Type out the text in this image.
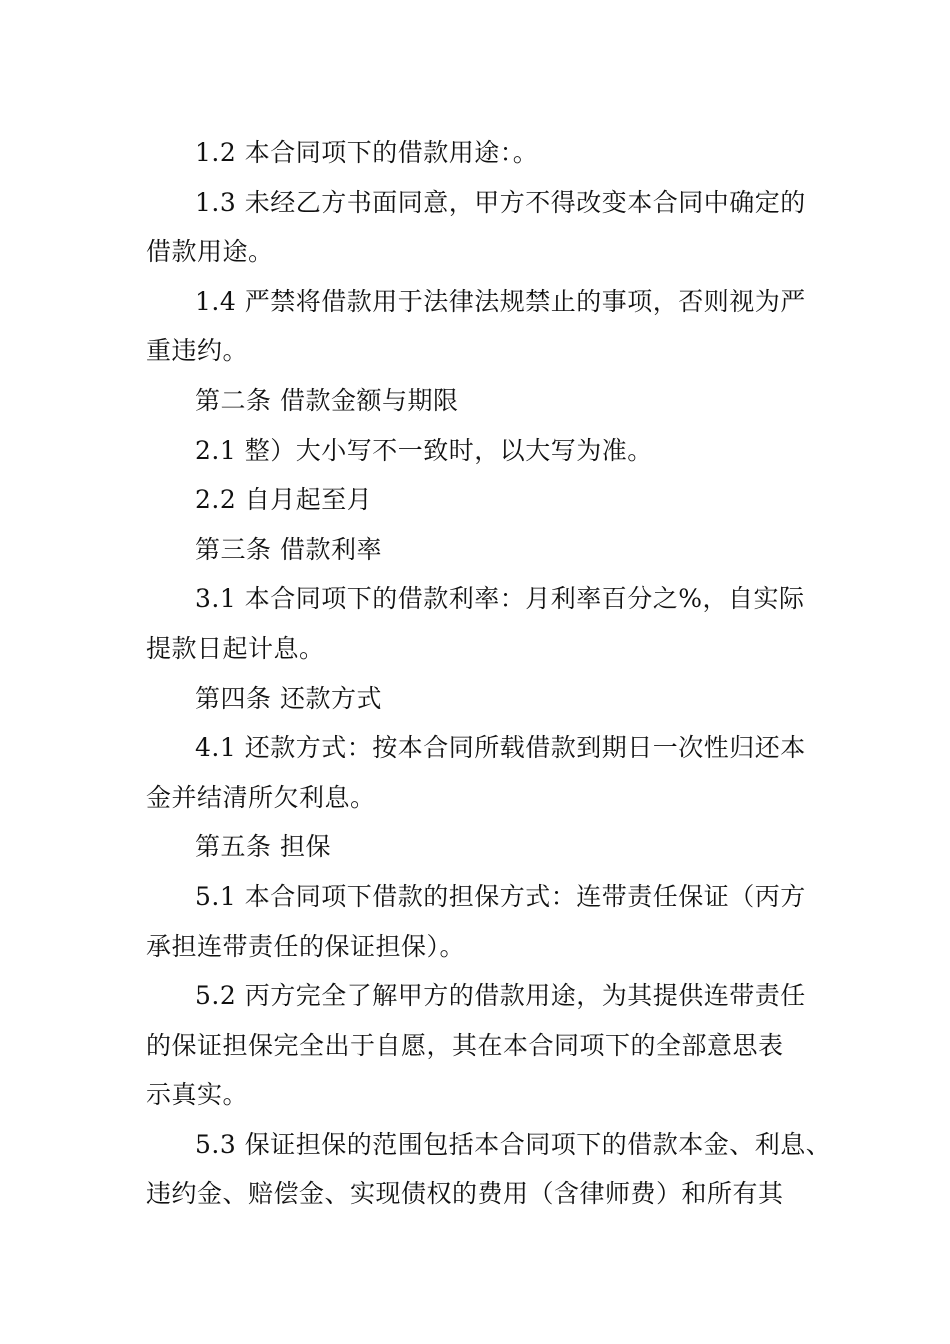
1.2 本合同项下的借款用途：。

1.3 未经乙方书面同意，甲方不得改变本合同中确定的
借款用途。

1.4 严禁将借款用于法律法规禁止的事项，否则视为严
重违约。

第二条 借款金额与期限

2.1 整）大小写不一致时，以大写为准。

2.2 自月起至月

第三条 借款利率

3.1 本合同项下的借款利率：月利率百分之%，自实际
提款日起计息。

第四条 还款方式

4.1 还款方式：按本合同所载借款到期日一次性归还本
金并结清所欠利息。

第五条 担保

5.1 本合同项下借款的担保方式：连带责任保证（丙方
承担连带责任的保证担保）。

5.2 丙方完全了解甲方的借款用途，为其提供连带责任
的保证担保完全出于自愿，其在本合同项下的全部意思表
示真实。

5.3 保证担保的范围包括本合同项下的借款本金、利息、
违约金、赔偿金、实现债权的费用（含律师费）和所有其
